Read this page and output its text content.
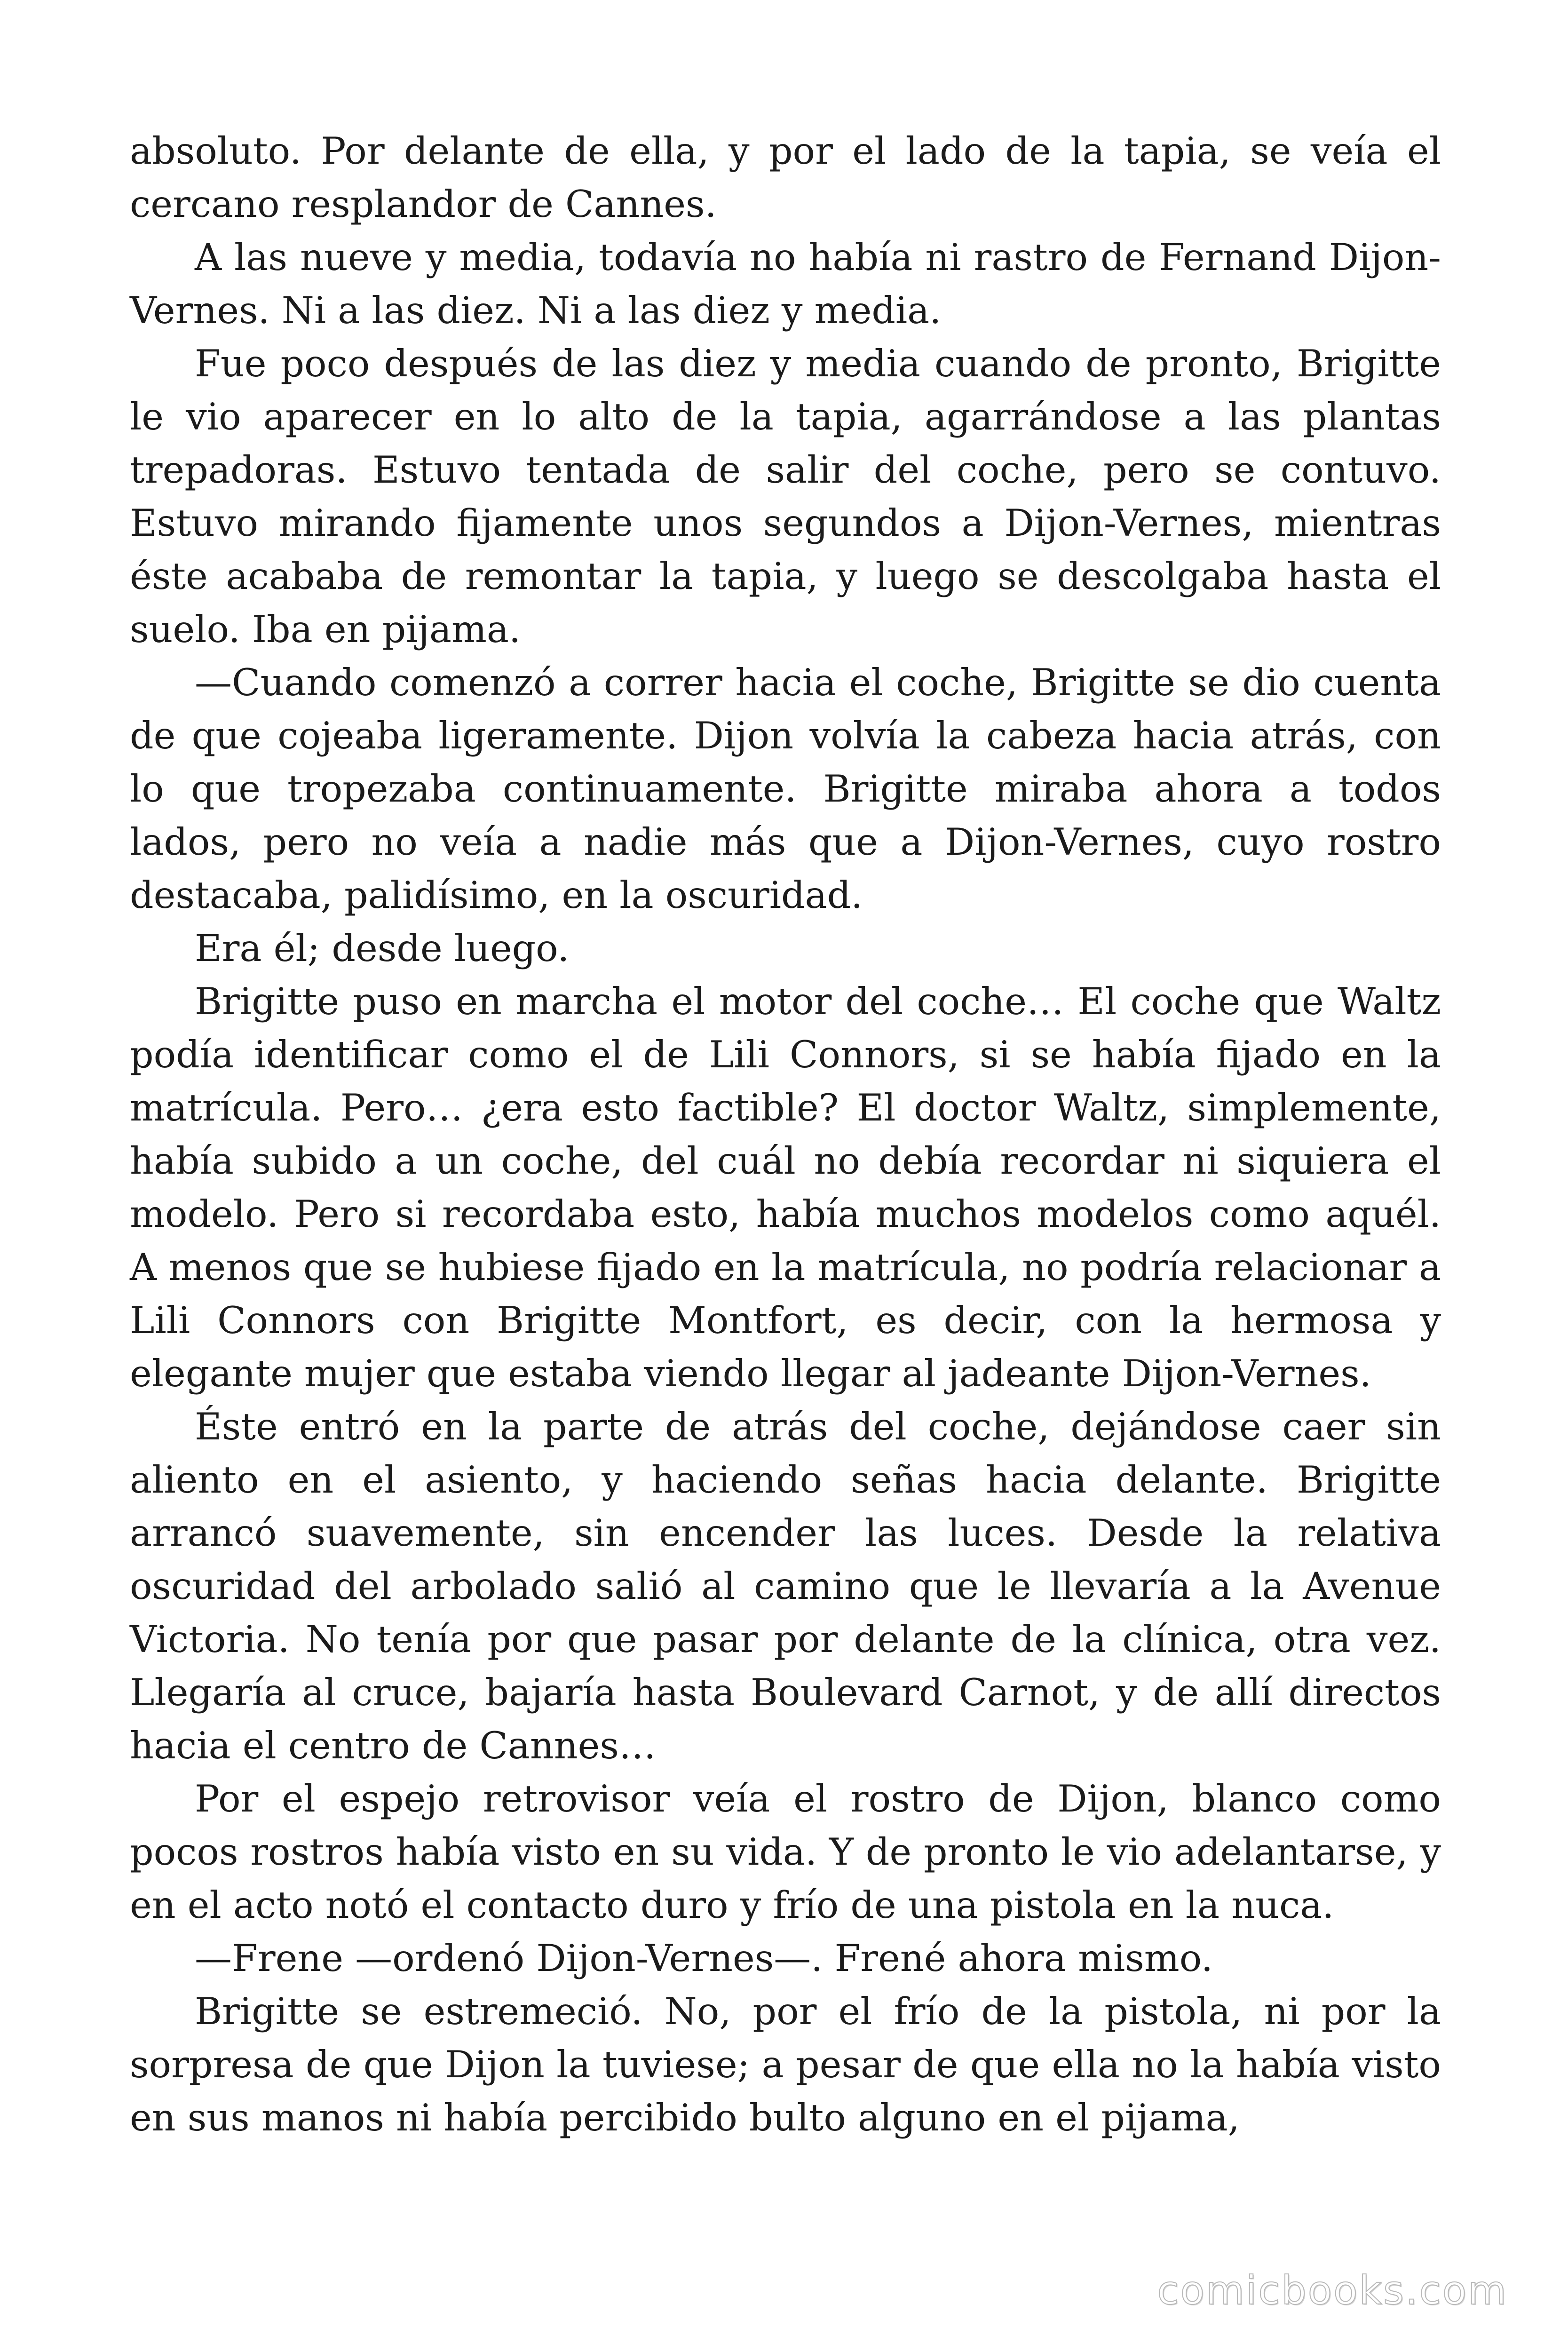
absoluto. Por delante de ella, y por el lado de la tapia, se veía el cercano resplandor de Cannes.

A las nueve y media, todavía no había ni rastro de Fernand Dijon-Vernes. Ni a las diez. Ni a las diez y media.

Fue poco después de las diez y media cuando de pronto, Brigitte le vio aparecer en lo alto de la tapia, agarrándose a las plantas trepadoras. Estuvo tentada de salir del coche, pero se contuvo. Estuvo mirando fijamente unos segundos a Dijon-Vernes, mientras éste acababa de remontar la tapia, y luego se descolgaba hasta el suelo. Iba en pijama.

—Cuando comenzó a correr hacia el coche, Brigitte se dio cuenta de que cojeaba ligeramente. Dijon volvía la cabeza hacia atrás, con lo que tropezaba continuamente. Brigitte miraba ahora a todos lados, pero no veía a nadie más que a Dijon-Vernes, cuyo rostro destacaba, palidísimo, en la oscuridad.

Era él; desde luego.

Brigitte puso en marcha el motor del coche… El coche que Waltz podía identificar como el de Lili Connors, si se había fijado en la matrícula. Pero… ¿era esto factible? El doctor Waltz, simplemente, había subido a un coche, del cuál no debía recordar ni siquiera el modelo. Pero si recordaba esto, había muchos modelos como aquél. A menos que se hubiese fijado en la matrícula, no podría relacionar a Lili Connors con Brigitte Montfort, es decir, con la hermosa y elegante mujer que estaba viendo llegar al jadeante Dijon-Vernes.

Éste entró en la parte de atrás del coche, dejándose caer sin aliento en el asiento, y haciendo señas hacia delante. Brigitte arrancó suavemente, sin encender las luces. Desde la relativa oscuridad del arbolado salió al camino que le llevaría a la Avenue Victoria. No tenía por que pasar por delante de la clínica, otra vez. Llegaría al cruce, bajaría hasta Boulevard Carnot, y de allí directos hacia el centro de Cannes…

Por el espejo retrovisor veía el rostro de Dijon, blanco como pocos rostros había visto en su vida. Y de pronto le vio adelantarse, y en el acto notó el contacto duro y frío de una pistola en la nuca.

—Frene —ordenó Dijon-Vernes—. Frené ahora mismo.

Brigitte se estremeció. No, por el frío de la pistola, ni por la sorpresa de que Dijon la tuviese; a pesar de que ella no la había visto en sus manos ni había percibido bulto alguno en el pijama,

comicbooks.com
